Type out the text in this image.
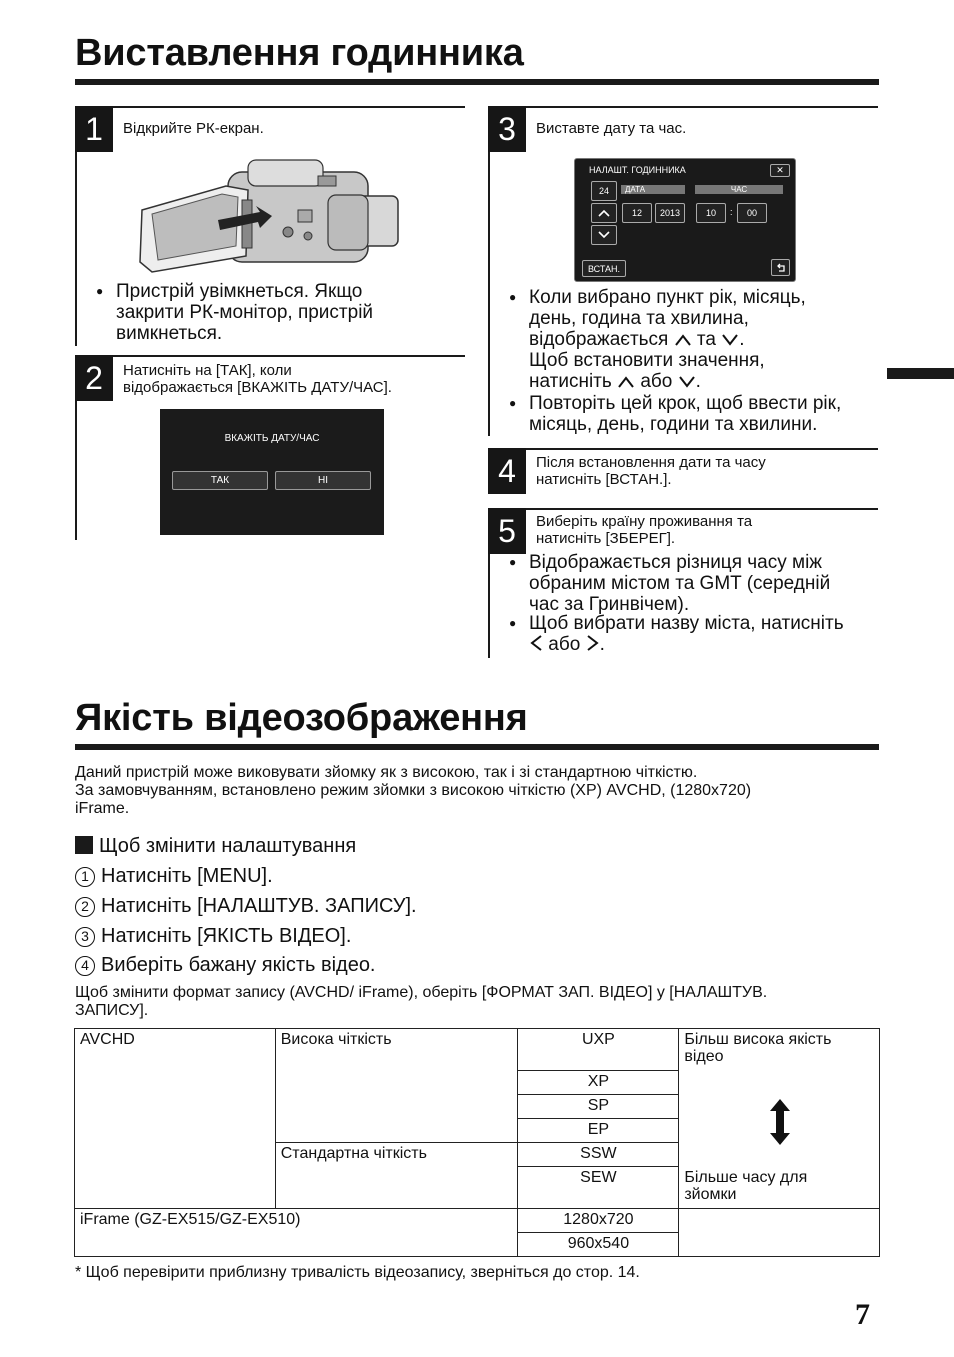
Виставлення годинника
1	Відкрийте РК-екран.
● Пристрій увімкнеться. Якщо
закрити РК-монітор, пристрій
вимкнеться.
2	Натисніть на [ТАК], коли
відображається [ВКАЖІТЬ ДАТУ/ЧАС].
ВКАЖІТЬ ДАТУ/ЧАС
ТАК	НІ
3	Виставте дату та час.
НАЛАШТ. ГОДИННИКА	✕
24	ДАТА	ЧАС
12	2013	10	:	00
ВСТАН.
● Коли вибрано пункт рік, місяць,
день, година та хвилина,
відображається та .
Щоб встановити значення,
натисніть або .
● Повторіть цей крок, щоб ввести рік,
місяць, день, години та хвилини.
4	Після встановлення дати та часу
натисніть [ВСТАН.].
5	Виберіть країну проживання та
натисніть [ЗБЕРЕГ].
● Відображається різниця часу між
обраним містом та GMT (середній
час за Гринвічем).
● Щоб вибрати назву міста, натисніть
або .
Якість відеозображення
Даний пристрій може виковувати зйомку як з високою, так і зі стандартною чіткістю.
За замовчуванням, встановлено режим зйомки з високою чіткістю (XP) AVCHD, (1280x720)
iFrame.
Щоб змінити налаштування
1 Натисніть [MENU].
2 Натисніть [НАЛАШТУВ. ЗАПИСУ].
3 Натисніть [ЯКІСТЬ ВІДЕО].
4 Виберіть бажану якість відео.
Щоб змінити формат запису (AVCHD/ iFrame), оберіть [ФОРМАТ ЗАП. ВІДЕО] у [НАЛАШТУВ.
ЗАПИСУ].
AVCHD	Висока чіткість	UXP	Більш висока якість
відео
Більше часу для
зйомки

		XP	
		SP	
		EP	
	Стандартна чіткість	SSW	
		SEW	
iFrame (GZ-EX515/GZ-EX510)		1280x720	
		960x540	
* Щоб перевірити приблизну тривалість відеозапису, зверніться до стор. 14.
7
